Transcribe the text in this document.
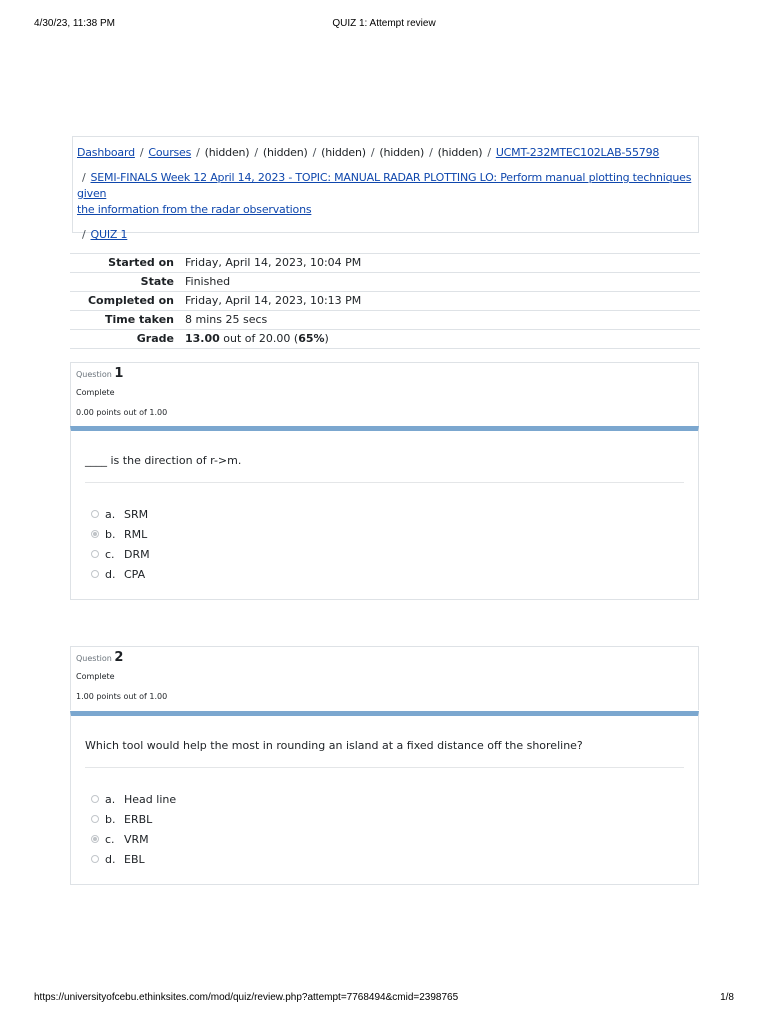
4/30/23, 11:38 PM	QUIZ 1: Attempt review
Dashboard / Courses / (hidden) / (hidden) / (hidden) / (hidden) / (hidden) / UCMT-232MTEC102LAB-55798
/ SEMI-FINALS Week 12 April 14, 2023 - TOPIC: MANUAL RADAR PLOTTING LO: Perform manual plotting techniques given
the information from the radar observations
/ QUIZ 1
Started on	Friday, April 14, 2023, 10:04 PM
State	Finished
Completed on	Friday, April 14, 2023, 10:13 PM
Time taken	8 mins 25 secs
Grade	13.00 out of 20.00 (65%)
Question 1
Complete
0.00 points out of 1.00
____ is the direction of r->m.
a. SRM
b. RML
c. DRM
d. CPA
Question 2
Complete
1.00 points out of 1.00
Which tool would help the most in rounding an island at a fixed distance off the shoreline?
a. Head line
b. ERBL
c. VRM
d. EBL
https://universityofcebu.ethinksites.com/mod/quiz/review.php?attempt=7768494&cmid=2398765	1/8
